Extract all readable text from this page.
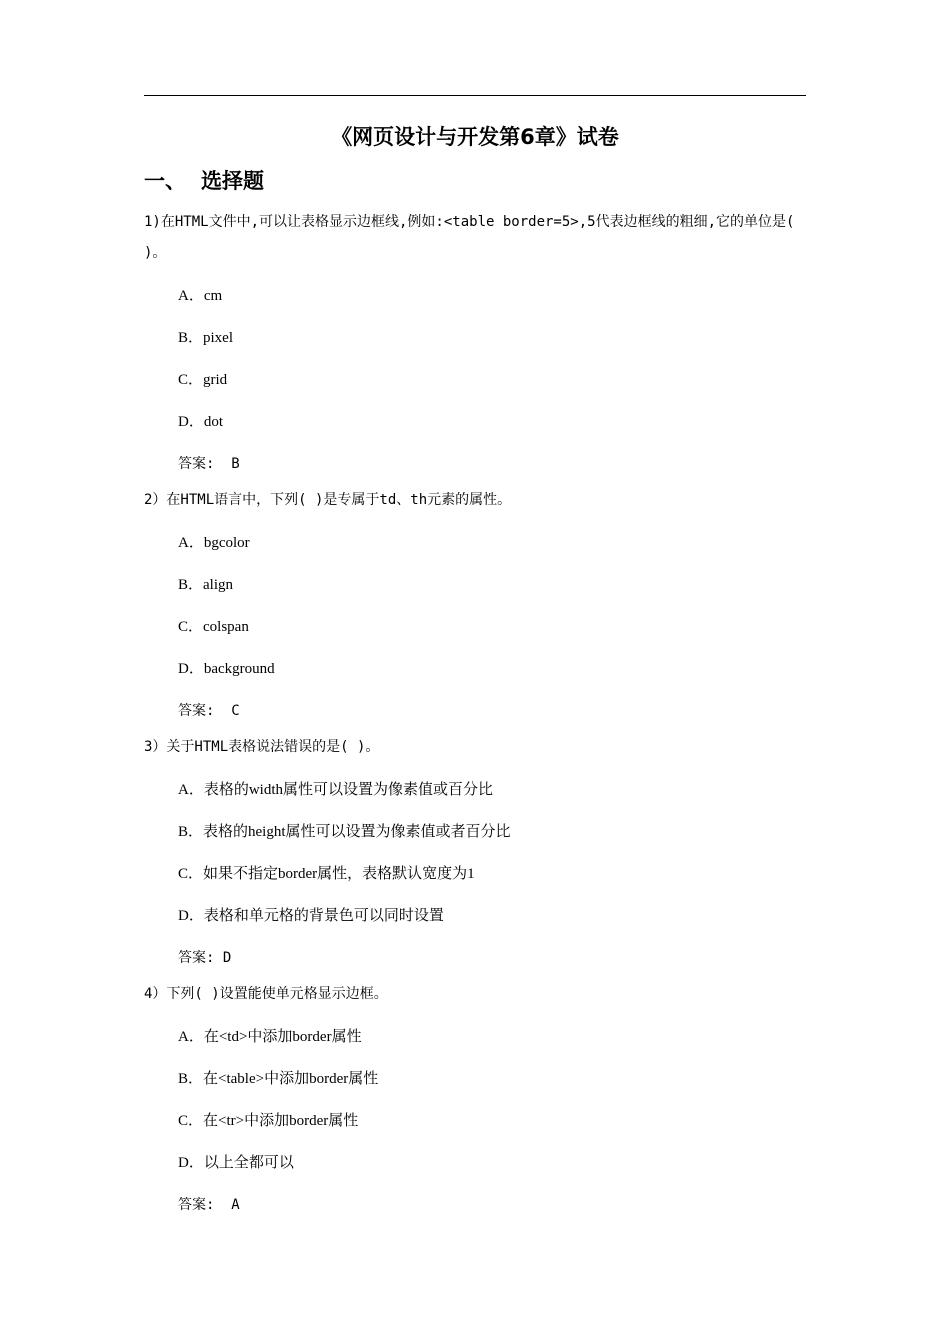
《网页设计与开发第6章》试卷
一、 选择题
1)在HTML文件中,可以让表格显示边框线,例如:<table border=5>,5代表边框线的粗细,它的单位是( )。
A．cm
B．pixel
C．grid
D．dot
答案:  B
2）在HTML语言中，下列( )是专属于td、th元素的属性。
A．bgcolor
B．align
C．colspan
D．background
答案:  C
3）关于HTML表格说法错误的是( )。
A．表格的width属性可以设置为像素值或百分比
B．表格的height属性可以设置为像素值或者百分比
C．如果不指定border属性，表格默认宽度为1
D．表格和单元格的背景色可以同时设置
答案: D
4）下列( )设置能使单元格显示边框。
A．在<td>中添加border属性
B．在<table>中添加border属性
C．在<tr>中添加border属性
D．以上全都可以
答案:  A
